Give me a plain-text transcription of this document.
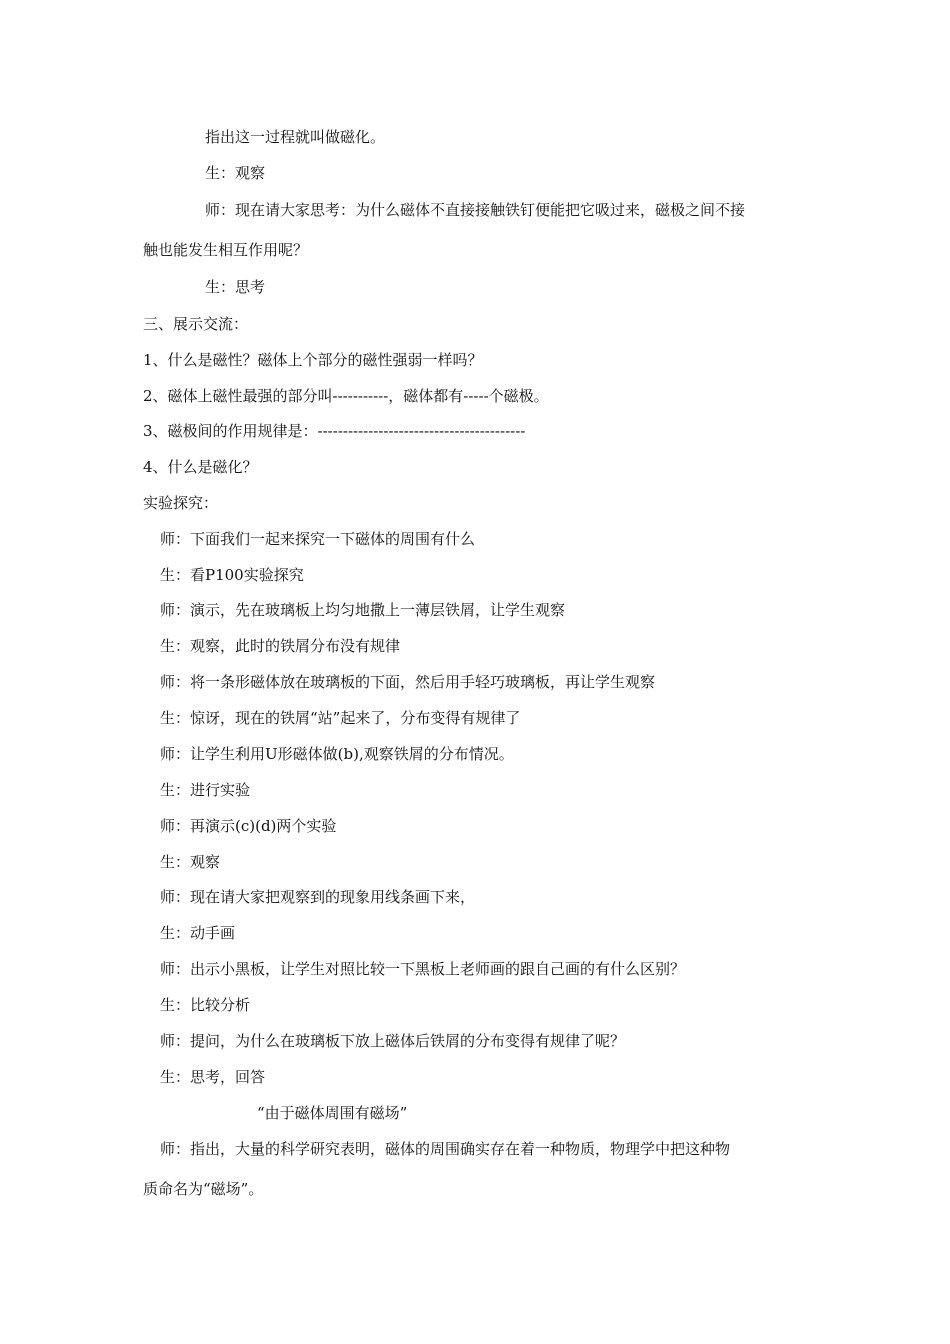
指出这一过程就叫做磁化。
生：观察
师：现在请大家思考：为什么磁体不直接接触铁钉便能把它吸过来，磁极之间不接
触也能发生相互作用呢？
生：思考
三、展示交流：
1、什么是磁性？磁体上个部分的磁性强弱一样吗？
2、磁体上磁性最强的部分叫-----------，磁体都有-----个磁极。
3、磁极间的作用规律是：-----------------------------------------
4、什么是磁化？
实验探究：
师：下面我们一起来探究一下磁体的周围有什么
生：看P100实验探究
师：演示，先在玻璃板上均匀地撒上一薄层铁屑，让学生观察
生：观察，此时的铁屑分布没有规律
师：将一条形磁体放在玻璃板的下面，然后用手轻巧玻璃板，再让学生观察
生：惊讶，现在的铁屑“站”起来了，分布变得有规律了
师：让学生利用U形磁体做(b),观察铁屑的分布情况。
生：进行实验
师：再演示(c)(d)两个实验
生：观察
师：现在请大家把观察到的现象用线条画下来，
生：动手画
师：出示小黑板，让学生对照比较一下黑板上老师画的跟自己画的有什么区别？
生：比较分析
师：提问，为什么在玻璃板下放上磁体后铁屑的分布变得有规律了呢？
生：思考，回答
“由于磁体周围有磁场”
师：指出，大量的科学研究表明，磁体的周围确实存在着一种物质，物理学中把这种物
质命名为“磁场”。
